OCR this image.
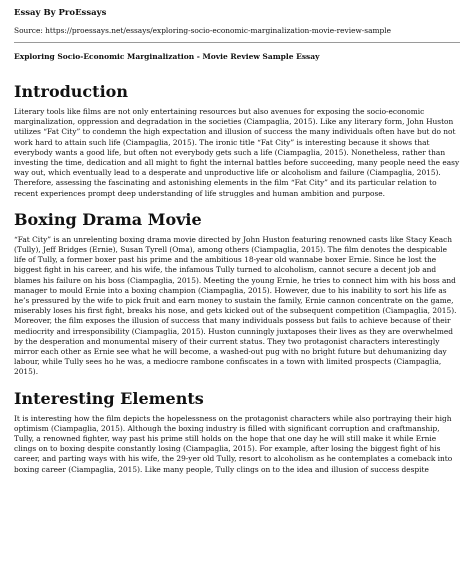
Essay By ProEssays
Source: https://proessays.net/essays/exploring-socio-economic-marginalization-movie-review-sample
Exploring Socio-Economic Marginalization - Movie Review Sample Essay
Introduction

Literary tools like films are not only entertaining resources but also avenues for exposing the socio-economic marginalization, oppression and degradation in the societies (Ciampaglia, 2015). Like any literary form, John Huston utilizes “Fat City” to condemn the high expectation and illusion of success the many individuals often have but do not work hard to attain such life (Ciampaglia, 2015). The ironic title “Fat City” is interesting because it shows that everybody wants a good life, but often not everybody gets such a life (Ciampaglia, 2015). Nonetheless, rather than investing the time, dedication and all might to fight the internal battles before succeeding, many people need the easy way out, which eventually lead to a desperate and unproductive life or alcoholism and failure (Ciampaglia, 2015). Therefore, assessing the fascinating and astonishing elements in the film “Fat City” and its particular relation to recent experiences prompt deep understanding of life struggles and human ambition and purpose.

Boxing Drama Movie

“Fat City” is an unrelenting boxing drama movie directed by John Huston featuring renowned casts like Stacy Keach (Tully), Jeff Bridges (Ernie), Susan Tyrell (Oma), among others (Ciampaglia, 2015). The film denotes the despicable life of Tully, a former boxer past his prime and the ambitious 18-year old wannabe boxer Ernie. Since he lost the biggest fight in his career, and his wife, the infamous Tully turned to alcoholism, cannot secure a decent job and blames his failure on his boss (Ciampaglia, 2015). Meeting the young Ernie, he tries to connect him with his boss and manager to mould Ernie into a boxing champion (Ciampaglia, 2015). However, due to his inability to sort his life as he’s pressured by the wife to pick fruit and earn money to sustain the family, Ernie cannon concentrate on the game, miserably loses his first fight, breaks his nose, and gets kicked out of the subsequent competition (Ciampaglia, 2015). Moreover, the film exposes the illusion of success that many individuals possess but fails to achieve because of their mediocrity and irresponsibility (Ciampaglia, 2015). Huston cunningly juxtaposes their lives as they are overwhelmed by the desperation and monumental misery of their current status. They two protagonist characters interestingly mirror each other as Ernie see what he will become, a washed-out pug with no bright future but dehumanizing day labour, while Tully sees ho he was, a mediocre rambone confiscates in a town with limited prospects (Ciampaglia, 2015).

Interesting Elements

It is interesting how the film depicts the hopelessness on the protagonist characters while also portraying their high optimism (Ciampaglia, 2015). Although the boxing industry is filled with significant corruption and craftmanship, Tully, a renowned fighter, way past his prime still holds on the hope that one day he will still make it while Ernie clings on to boxing despite constantly losing (Ciampaglia, 2015). For example, after losing the biggest fight of his career, and parting ways with his wife, the 29-yer old Tully, resort to alcoholism as he contemplates a comeback into boxing career (Ciampaglia, 2015). Like many people, Tully clings on to the idea and illusion of success despite
